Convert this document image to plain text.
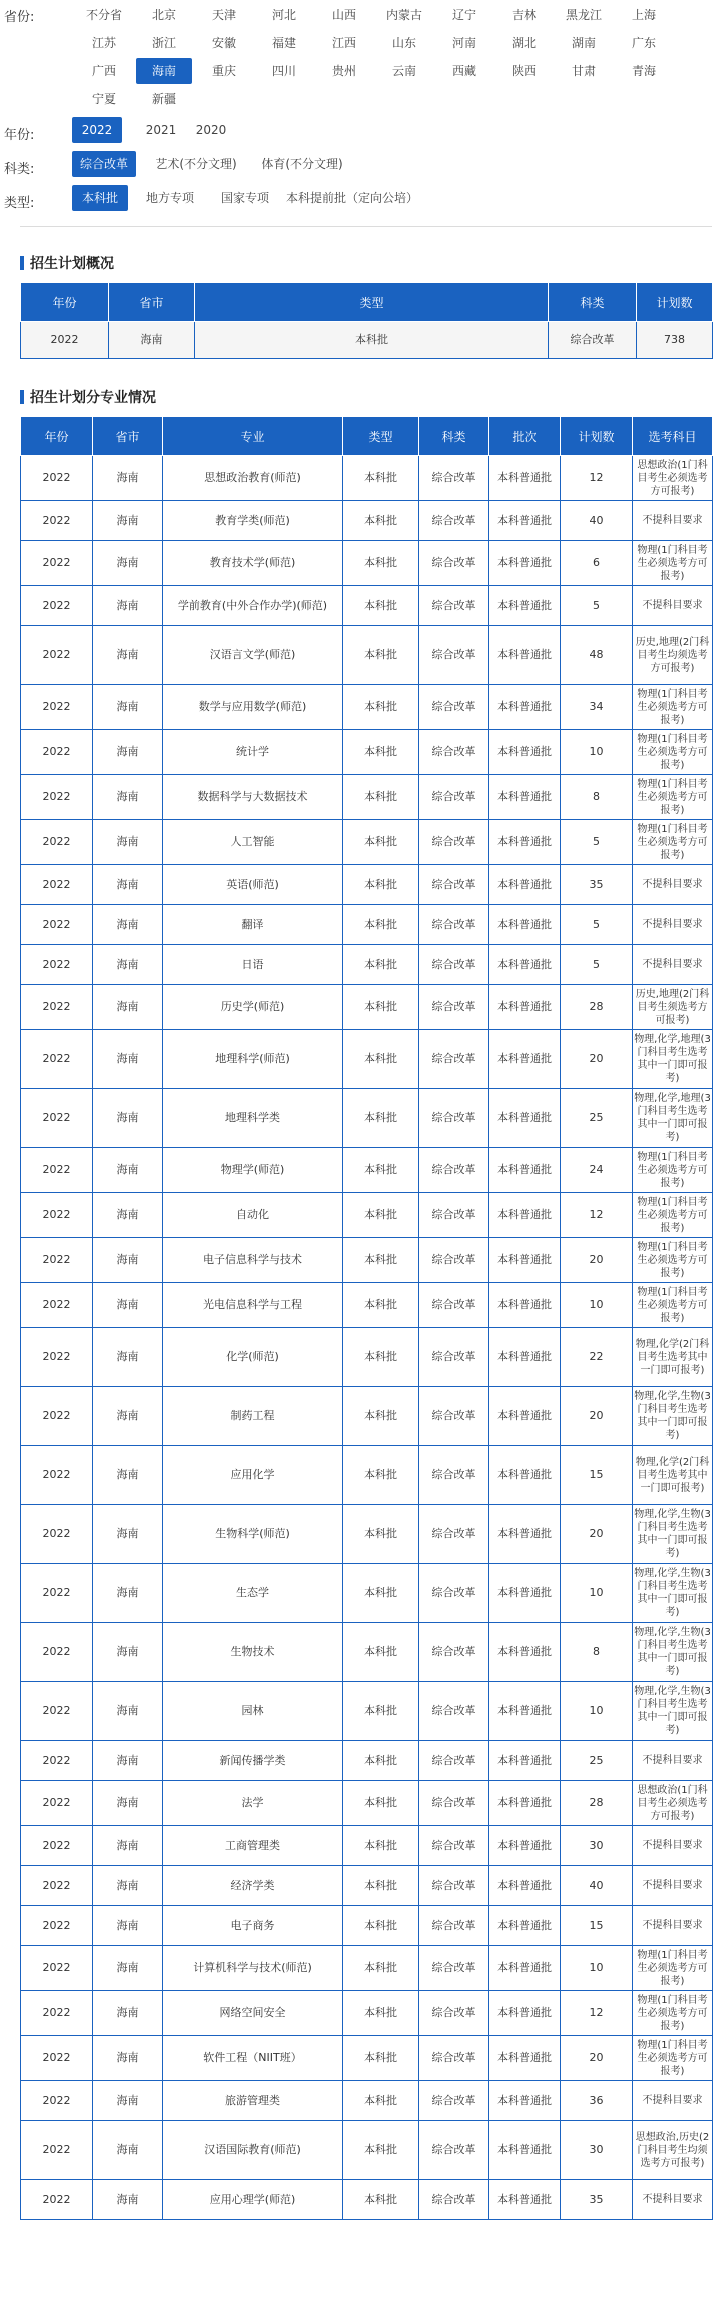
省份:	不分省	北京	天津	河北	山西	内蒙古	辽宁	吉林	黑龙江	上海
江苏	浙江	安徽	福建	江西	山东	河南	湖北	湖南	广东
广西	海南	重庆	四川	贵州	云南	西藏	陕西	甘肃	青海
宁夏	新疆
年份:	2022	2021	2020
科类:	综合改革	艺术(不分文理)	体育(不分文理)
类型:	本科批	地方专项	国家专项	本科提前批（定向公培）
招生计划概况
年份	省市	类型	科类	计划数
2022	海南	本科批	综合改革	738
招生计划分专业情况
年份	省市	专业	类型	科类	批次	计划数	选考科目
2022	海南	思想政治教育(师范)	本科批	综合改革	本科普通批	12	思想政治(1门科目考生必须选考方可报考)
2022	海南	教育学类(师范)	本科批	综合改革	本科普通批	40	不提科目要求
2022	海南	教育技术学(师范)	本科批	综合改革	本科普通批	6	物理(1门科目考生必须选考方可报考)
2022	海南	学前教育(中外合作办学)(师范)	本科批	综合改革	本科普通批	5	不提科目要求
2022	海南	汉语言文学(师范)	本科批	综合改革	本科普通批	48	历史,地理(2门科目考生均须选考方可报考)
2022	海南	数学与应用数学(师范)	本科批	综合改革	本科普通批	34	物理(1门科目考生必须选考方可报考)
2022	海南	统计学	本科批	综合改革	本科普通批	10	物理(1门科目考生必须选考方可报考)
2022	海南	数据科学与大数据技术	本科批	综合改革	本科普通批	8	物理(1门科目考生必须选考方可报考)
2022	海南	人工智能	本科批	综合改革	本科普通批	5	物理(1门科目考生必须选考方可报考)
2022	海南	英语(师范)	本科批	综合改革	本科普通批	35	不提科目要求
2022	海南	翻译	本科批	综合改革	本科普通批	5	不提科目要求
2022	海南	日语	本科批	综合改革	本科普通批	5	不提科目要求
2022	海南	历史学(师范)	本科批	综合改革	本科普通批	28	历史,地理(2门科目考生须选考方可报考)
2022	海南	地理科学(师范)	本科批	综合改革	本科普通批	20	物理,化学,地理(3门科目考生选考其中一门即可报考)
2022	海南	地理科学类	本科批	综合改革	本科普通批	25	物理,化学,地理(3门科目考生选考其中一门即可报考)
2022	海南	物理学(师范)	本科批	综合改革	本科普通批	24	物理(1门科目考生必须选考方可报考)
2022	海南	自动化	本科批	综合改革	本科普通批	12	物理(1门科目考生必须选考方可报考)
2022	海南	电子信息科学与技术	本科批	综合改革	本科普通批	20	物理(1门科目考生必须选考方可报考)
2022	海南	光电信息科学与工程	本科批	综合改革	本科普通批	10	物理(1门科目考生必须选考方可报考)
2022	海南	化学(师范)	本科批	综合改革	本科普通批	22	物理,化学(2门科目考生选考其中一门即可报考)
2022	海南	制药工程	本科批	综合改革	本科普通批	20	物理,化学,生物(3门科目考生选考其中一门即可报考)
2022	海南	应用化学	本科批	综合改革	本科普通批	15	物理,化学(2门科目考生选考其中一门即可报考)
2022	海南	生物科学(师范)	本科批	综合改革	本科普通批	20	物理,化学,生物(3门科目考生选考其中一门即可报考)
2022	海南	生态学	本科批	综合改革	本科普通批	10	物理,化学,生物(3门科目考生选考其中一门即可报考)
2022	海南	生物技术	本科批	综合改革	本科普通批	8	物理,化学,生物(3门科目考生选考其中一门即可报考)
2022	海南	园林	本科批	综合改革	本科普通批	10	物理,化学,生物(3门科目考生选考其中一门即可报考)
2022	海南	新闻传播学类	本科批	综合改革	本科普通批	25	不提科目要求
2022	海南	法学	本科批	综合改革	本科普通批	28	思想政治(1门科目考生必须选考方可报考)
2022	海南	工商管理类	本科批	综合改革	本科普通批	30	不提科目要求
2022	海南	经济学类	本科批	综合改革	本科普通批	40	不提科目要求
2022	海南	电子商务	本科批	综合改革	本科普通批	15	不提科目要求
2022	海南	计算机科学与技术(师范)	本科批	综合改革	本科普通批	10	物理(1门科目考生必须选考方可报考)
2022	海南	网络空间安全	本科批	综合改革	本科普通批	12	物理(1门科目考生必须选考方可报考)
2022	海南	软件工程（NIIT班）	本科批	综合改革	本科普通批	20	物理(1门科目考生必须选考方可报考)
2022	海南	旅游管理类	本科批	综合改革	本科普通批	36	不提科目要求
2022	海南	汉语国际教育(师范)	本科批	综合改革	本科普通批	30	思想政治,历史(2门科目考生均须选考方可报考)
2022	海南	应用心理学(师范)	本科批	综合改革	本科普通批	35	不提科目要求
